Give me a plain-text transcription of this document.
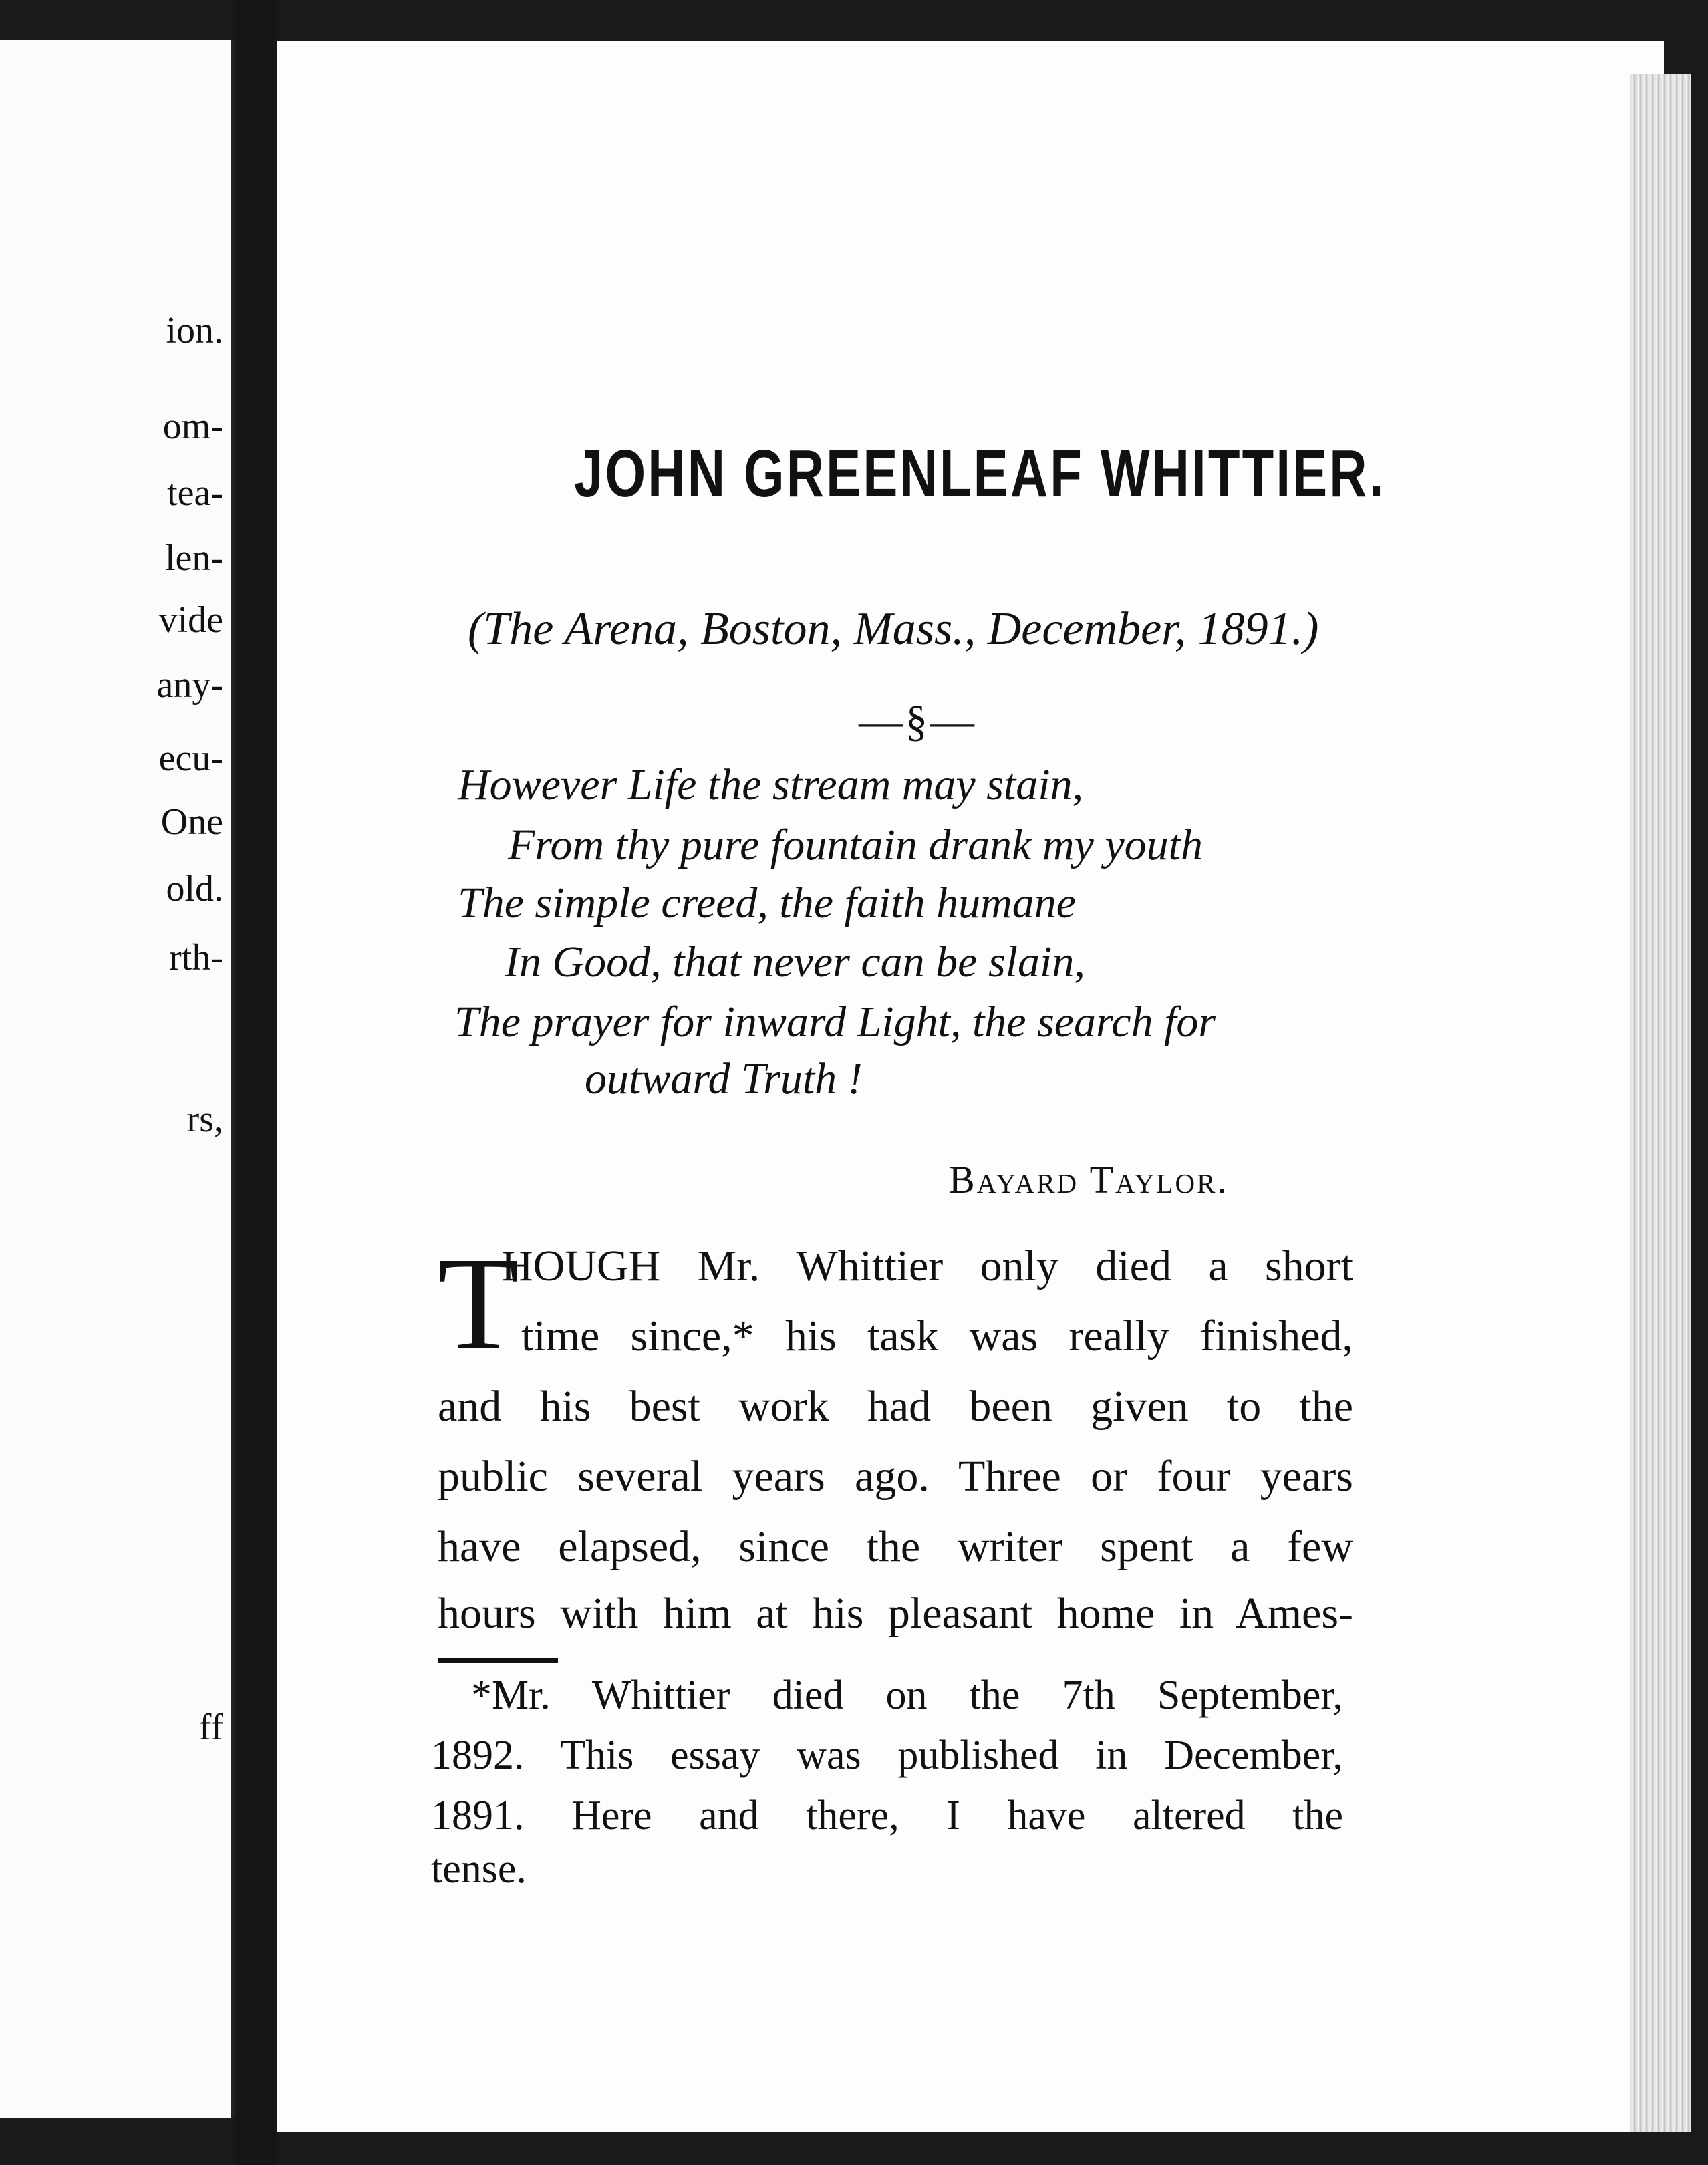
ion.
om-
tea-
len-
vide
any-
ecu-
One
old.
rth-
rs,
ff
JOHN GREENLEAF WHITTIER.
(The Arena, Boston, Mass., December, 1891.)
—§—
However Life the stream may stain,
From thy pure fountain drank my youth
The simple creed, the faith humane
In Good, that never can be slain,
The prayer for inward Light, the search for
outward Truth !
Bayard Taylor.
T
HOUGH Mr. Whittier only died a short
time since,* his task was really finished,
and his best work had been given to the
public several years ago. Three or four years
have elapsed, since the writer spent a few
hours with him at his pleasant home in Ames-
*Mr. Whittier died on the 7th September,
1892. This essay was published in December,
1891. Here and there, I have altered the
tense.
